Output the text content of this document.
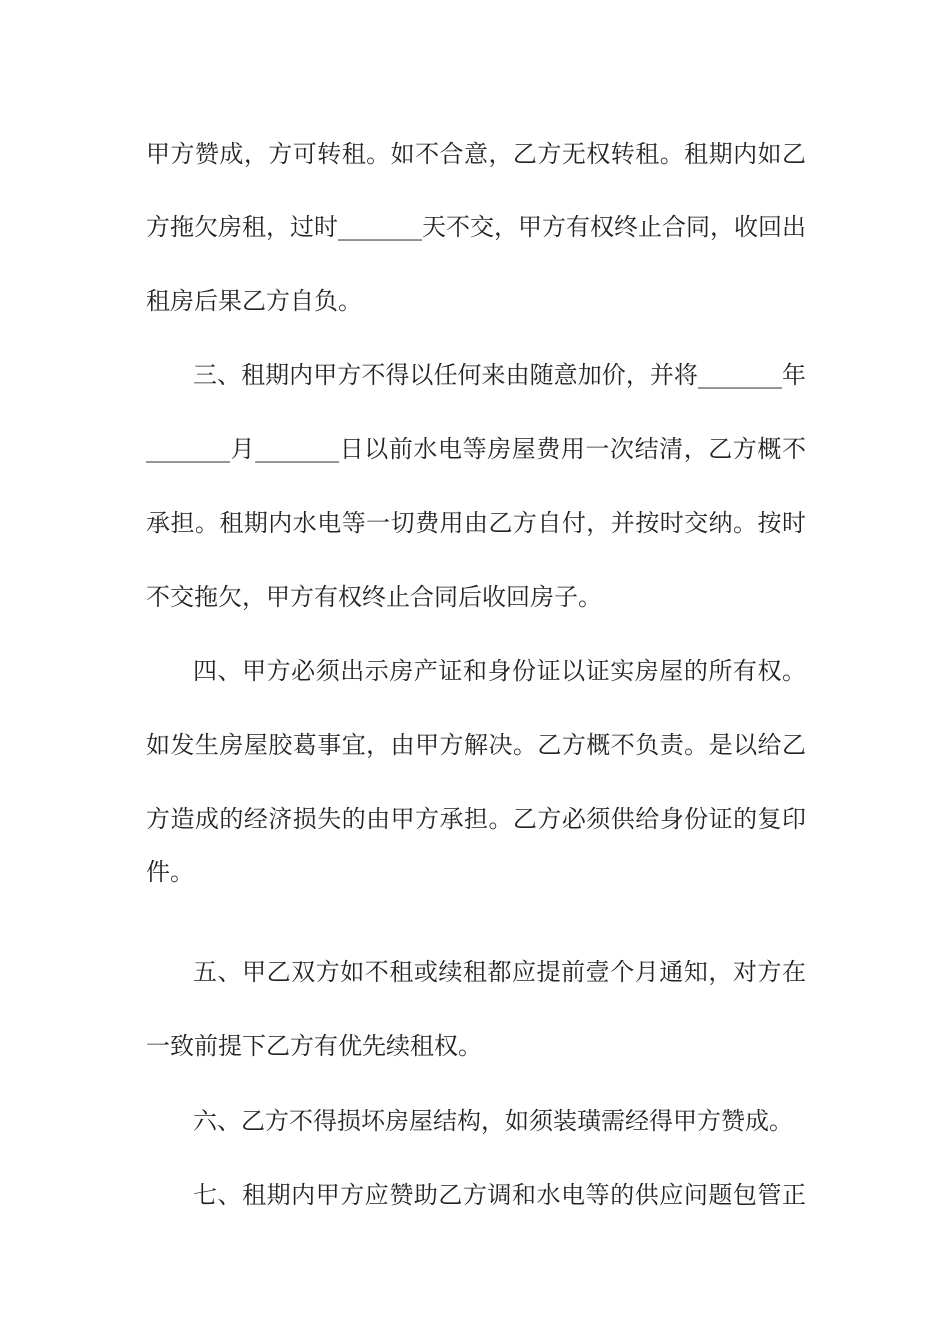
甲方赞成，方可转租。如不合意，乙方无权转租。租期内如乙
方拖欠房租，过时_______天不交，甲方有权终止合同，收回出
租房后果乙方自负。
三、租期内甲方不得以任何来由随意加价，并将_______年
_______月_______日以前水电等房屋费用一次结清，乙方概不
承担。租期内水电等一切费用由乙方自付，并按时交纳。按时
不交拖欠，甲方有权终止合同后收回房子。
四、甲方必须出示房产证和身份证以证实房屋的所有权。
如发生房屋胶葛事宜，由甲方解决。乙方概不负责。是以给乙
方造成的经济损失的由甲方承担。乙方必须供给身份证的复印
件。
五、甲乙双方如不租或续租都应提前壹个月通知，对方在
一致前提下乙方有优先续租权。
六、乙方不得损坏房屋结构，如须装璜需经得甲方赞成。
七、租期内甲方应赞助乙方调和水电等的供应问题包管正
